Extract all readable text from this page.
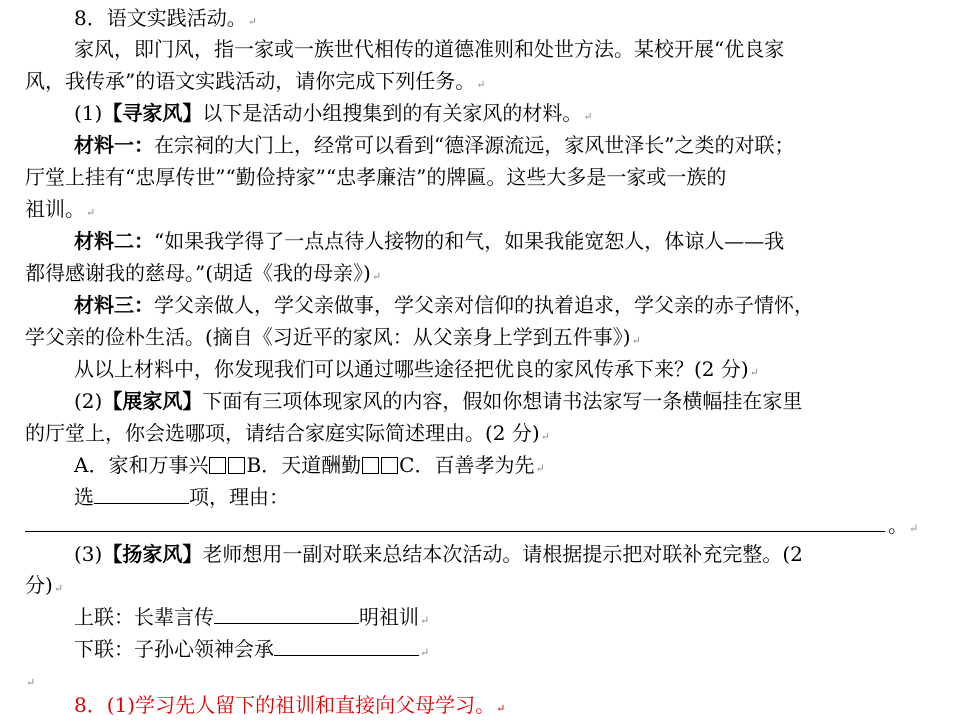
8．语文实践活动。↵
家风，即门风，指一家或一族世代相传的道德准则和处世方法。某校开展“优良家
风，我传承”的语文实践活动，请你完成下列任务。↵
(1)【寻家风】以下是活动小组搜集到的有关家风的材料。↵
材料一：在宗祠的大门上，经常可以看到“德泽源流远，家风世泽长”之类的对联；
厅堂上挂有“忠厚传世”“勤俭持家”“忠孝廉洁”的牌匾。这些大多是一家或一族的
祖训。↵
材料二：“如果我学得了一点点待人接物的和气，如果我能宽恕人，体谅人——我
都得感谢我的慈母。”(胡适《我的母亲》)↵
材料三：学父亲做人，学父亲做事，学父亲对信仰的执着追求，学父亲的赤子情怀，
学父亲的俭朴生活。(摘自《习近平的家风：从父亲身上学到五件事》)↵
从以上材料中，你发现我们可以通过哪些途径把优良的家风传承下来？(2 分)↵
(2)【展家风】下面有三项体现家风的内容，假如你想请书法家写一条横幅挂在家里
的厅堂上，你会选哪项，请结合家庭实际简述理由。(2 分)↵
A．家和万事兴 B．天道酬勤 C．百善孝为先↵
选	项，理由：
。↵
(3)【扬家风】老师想用一副对联来总结本次活动。请根据提示把对联补充完整。(2
分)↵
上联：长辈言传	明祖训↵
下联：子孙心领神会承	↵
↵
8．(1)学习先人留下的祖训和直接向父母学习。↵
